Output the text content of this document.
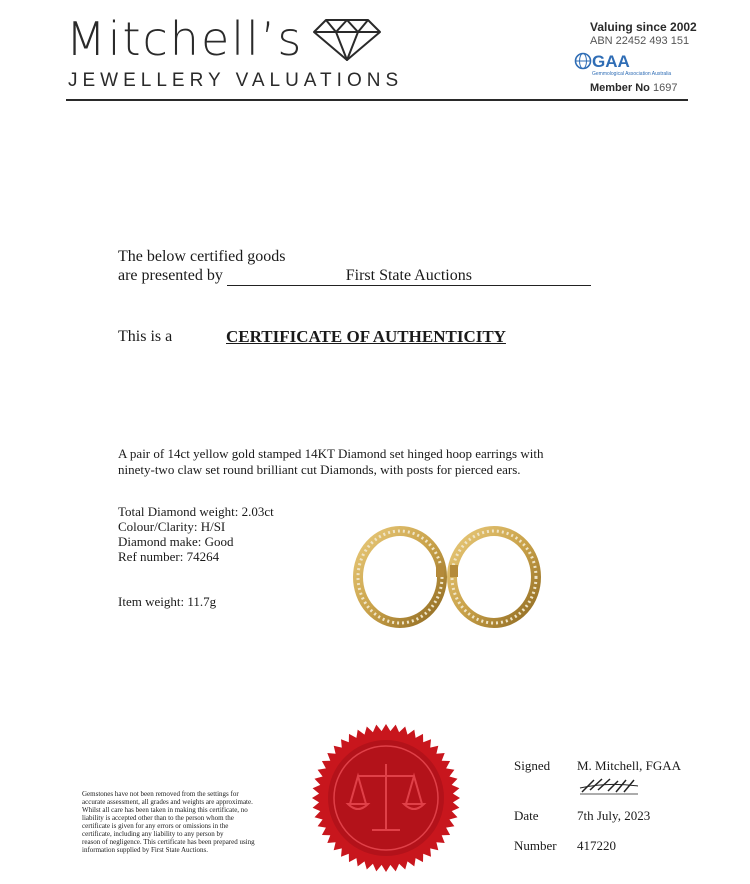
Mitchell’s
JEWELLERY VALUATIONS
Valuing since 2002
ABN 22452 493 151
GAA
Gemmological Association Australia
Member No 1697
The below certified goods
are presented by	First State Auctions
This is a	CERTIFICATE OF AUTHENTICITY
A pair of 14ct yellow gold stamped 14KT Diamond set hinged hoop earrings with
ninety-two claw set round brilliant cut Diamonds, with posts for pierced ears.
Total Diamond weight: 2.03ct
Colour/Clarity: H/SI
Diamond make: Good
Ref number: 74264
Item weight: 11.7g
Gemstones have not been removed from the settings for
accurate assessment, all grades and weights are approximate.
Whilst all care has been taken in making this certificate, no
liability is accepted other than to the person whom the
certificate is given for any errors or omissions in the
certificate, including any liability to any person by
reason of negligence. This certificate has been prepared using
information supplied by First State Auctions.
Signed M. Mitchell, FGAA
Date	7th July, 2023
Number 417220
